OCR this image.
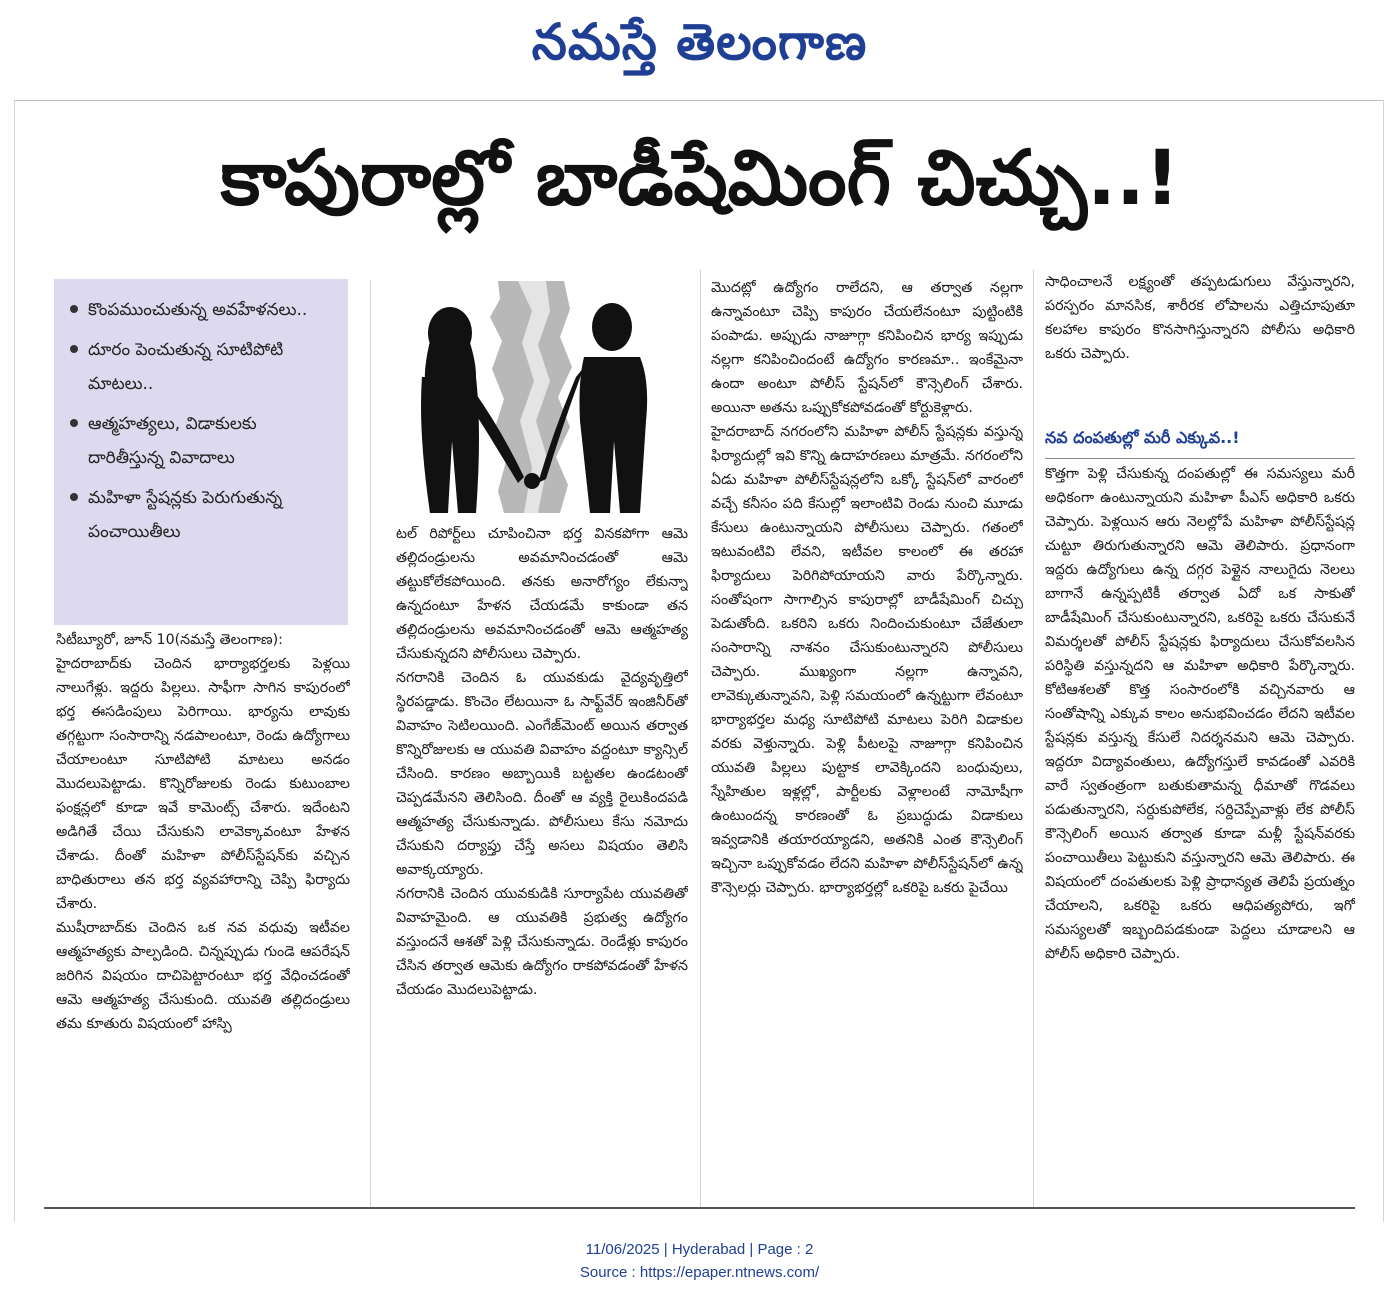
నమస్తే తెలంగాణ
కాపురాల్లో బాడీషేమింగ్ చిచ్చు..!
కొంపముంచుతున్న అవహేళనలు..
దూరం పెంచుతున్న సూటిపోటి మాటలు..
ఆత్మహత్యలు, విడాకులకు దారితీస్తున్న వివాదాలు
మహిళా స్టేషన్లకు పెరుగుతున్న పంచాయితీలు

సిటీబ్యూరో, జూన్ 10(నమస్తే తెలంగాణ):

హైదరాబాద్‌కు చెందిన భార్యాభర్తలకు పెళ్లయి నాలుగేళ్లు. ఇద్దరు పిల్లలు. సాఫీగా సాగిన కాపురంలో భర్త ఈసడింపులు పెరిగాయి. భార్యను లావుకు తగ్గట్టుగా సంసారాన్ని నడపాలంటూ, రెండు ఉద్యోగాలు చేయాలంటూ సూటిపోటి మాటలు అనడం మొదలుపెట్టాడు. కొన్నిరోజులకు రెండు కుటుంబాల ఫంక్షన్లలో కూడా ఇవే కామెంట్స్ చేశారు. ఇదేంటని అడిగితే చేయి చేసుకుని లావెక్కావంటూ హేళన చేశాడు. దీంతో మహిళా పోలీస్‌స్టేషన్‌కు వచ్చిన బాధితురాలు తన భర్త వ్యవహారాన్ని చెప్పి ఫిర్యాదు చేశారు.

ముషీరాబాద్‌కు చెందిన ఒక నవ వధువు ఇటీవల ఆత్మహత్యకు పాల్పడింది. చిన్నప్పుడు గుండె ఆపరేషన్ జరిగిన విషయం దాచిపెట్టారంటూ భర్త వేధించడంతో ఆమె ఆత్మహత్య చేసుకుంది. యువతి తల్లిదండ్రులు తమ కూతురు విషయంలో హాస్పి

టల్ రిపోర్ట్‌లు చూపించినా భర్త వినకపోగా ఆమె తల్లిదండ్రులను అవమానించడంతో ఆమె తట్టుకోలేకపోయింది. తనకు అనారోగ్యం లేకున్నా ఉన్నదంటూ హేళన చేయడమే కాకుండా తన తల్లిదండ్రులను అవమానించడంతో ఆమె ఆత్మహత్య చేసుకున్నదని పోలీసులు చెప్పారు.

నగరానికి చెందిన ఓ యువకుడు వైద్యవృత్తిలో స్థిరపడ్డాడు. కొంచెం లేటయినా ఓ సాఫ్ట్‌వేర్ ఇంజినీర్‌తో వివాహం సెటిలయింది. ఎంగేజ్‌మెంట్ అయిన తర్వాత కొన్నిరోజులకు ఆ యువతి వివాహం వద్దంటూ క్యాన్సిల్ చేసింది. కారణం అబ్బాయికి బట్టతల ఉండటంతో చెప్పడమేనని తెలిసింది. దీంతో ఆ వ్యక్తి రైలుకిందపడి ఆత్మహత్య చేసుకున్నాడు. పోలీసులు కేసు నమోదు చేసుకుని దర్యాప్తు చేస్తే అసలు విషయం తెలిసి అవాక్కయ్యారు.

నగరానికి చెందిన యువకుడికి సూర్యాపేట యువతితో వివాహమైంది. ఆ యువతికి ప్రభుత్వ ఉద్యోగం వస్తుందనే ఆశతో పెళ్లి చేసుకున్నాడు. రెండేళ్లు కాపురం చేసిన తర్వాత ఆమెకు ఉద్యోగం రాకపోవడంతో హేళన చేయడం మొదలుపెట్టాడు.

మొదట్లో ఉద్యోగం రాలేదని, ఆ తర్వాత నల్లగా ఉన్నావంటూ చెప్పి కాపురం చేయలేనంటూ పుట్టింటికి పంపాడు. అప్పుడు నాజూగ్గా కనిపించిన భార్య ఇప్పుడు నల్లగా కనిపించిందంటే ఉద్యోగం కారణమా.. ఇంకేమైనా ఉందా అంటూ పోలీస్ స్టేషన్‌లో కౌన్సెలింగ్ చేశారు. అయినా అతను ఒప్పుకోకపోవడంతో కోర్టుకెళ్లారు.

హైదరాబాద్ నగరంలోని మహిళా పోలీస్ స్టేషన్లకు వస్తున్న ఫిర్యాదుల్లో ఇవి కొన్ని ఉదాహరణలు మాత్రమే. నగరంలోని ఏడు మహిళా పోలీస్‌స్టేషన్లలోని ఒక్కో స్టేషన్‌లో వారంలో వచ్చే కనీసం పది కేసుల్లో ఇలాంటివి రెండు నుంచి మూడు కేసులు ఉంటున్నాయని పోలీసులు చెప్పారు. గతంలో ఇటువంటివి లేవని, ఇటీవల కాలంలో ఈ తరహా ఫిర్యాదులు పెరిగిపోయాయని వారు పేర్కొన్నారు. సంతోషంగా సాగాల్సిన కాపురాల్లో బాడీషేమింగ్ చిచ్చు పెడుతోంది. ఒకరిని ఒకరు నిందించుకుంటూ చేజేతులా సంసారాన్ని నాశనం చేసుకుంటున్నారని పోలీసులు చెప్పారు. ముఖ్యంగా నల్లగా ఉన్నావని, లావెక్కుతున్నావని, పెళ్లి సమయంలో ఉన్నట్టుగా లేవంటూ భార్యాభర్తల మధ్య సూటిపోటి మాటలు పెరిగి విడాకుల వరకు వెళ్తున్నారు. పెళ్లి పీటలపై నాజూగ్గా కనిపించిన యువతి పిల్లలు పుట్టాక లావెక్కిందని బంధువులు, స్నేహితుల ఇళ్లల్లో, పార్టీలకు వెళ్లాలంటే నామోషీగా ఉంటుందన్న కారణంతో ఓ ప్రబుద్ధుడు విడాకులు ఇవ్వడానికి తయారయ్యాడని, అతనికి ఎంత కౌన్సెలింగ్ ఇచ్చినా ఒప్పుకోవడం లేదని మహిళా పోలీస్‌స్టేషన్‌లో ఉన్న కౌన్సెలర్లు చెప్పారు. భార్యాభర్తల్లో ఒకరిపై ఒకరు పైచేయి

సాధించాలనే లక్ష్యంతో తప్పటడుగులు వేస్తున్నారని, పరస్పరం మానసిక, శారీరక లోపాలను ఎత్తిచూపుతూ కలహాల కాపురం కొనసాగిస్తున్నారని పోలీసు అధికారి ఒకరు చెప్పారు.

కొత్తగా పెళ్లి చేసుకున్న దంపతుల్లో ఈ సమస్యలు మరీ అధికంగా ఉంటున్నాయని మహిళా పీఎస్ అధికారి ఒకరు చెప్పారు. పెళ్లయిన ఆరు నెలల్లోపే మహిళా పోలీస్‌స్టేషన్ల చుట్టూ తిరుగుతున్నారని ఆమె తెలిపారు. ప్రధానంగా ఇద్దరు ఉద్యోగులు ఉన్న దగ్గర పెళ్లైన నాలుగైదు నెలలు బాగానే ఉన్నప్పటికీ తర్వాత ఏదో ఒక సాకుతో బాడీషేమింగ్ చేసుకుంటున్నారని, ఒకరిపై ఒకరు చేసుకునే విమర్శలతో పోలీస్ స్టేషన్లకు ఫిర్యాదులు చేసుకోవలసిన పరిస్థితి వస్తున్నదని ఆ మహిళా అధికారి పేర్కొన్నారు. కోటిఆశలతో కొత్త సంసారంలోకి వచ్చినవారు ఆ సంతోషాన్ని ఎక్కువ కాలం అనుభవించడం లేదని ఇటీవల స్టేషన్లకు వస్తున్న కేసులే నిదర్శనమని ఆమె చెప్పారు. ఇద్దరూ విద్యావంతులు, ఉద్యోగస్తులే కావడంతో ఎవరికి వారే స్వతంత్రంగా బతుకుతామన్న ధీమాతో గొడవలు పడుతున్నారని, సర్దుకుపోలేక, సర్దిచెప్పేవాళ్లు లేక పోలీస్ కౌన్సెలింగ్ అయిన తర్వాత కూడా మళ్లీ స్టేషన్‌వరకు పంచాయితీలు పెట్టుకుని వస్తున్నారని ఆమె తెలిపారు. ఈ విషయంలో దంపతులకు పెళ్లి ప్రాధాన్యత తెలిపే ప్రయత్నం చేయాలని, ఒకరిపై ఒకరు ఆధిపత్యపోరు, ఇగో సమస్యలతో ఇబ్బందిపడకుండా పెద్దలు చూడాలని ఆ పోలీస్ అధికారి చెప్పారు.

నవ దంపతుల్లో మరీ ఎక్కువ..!
11/06/2025 | Hyderabad | Page : 2
Source : https://epaper.ntnews.com/
